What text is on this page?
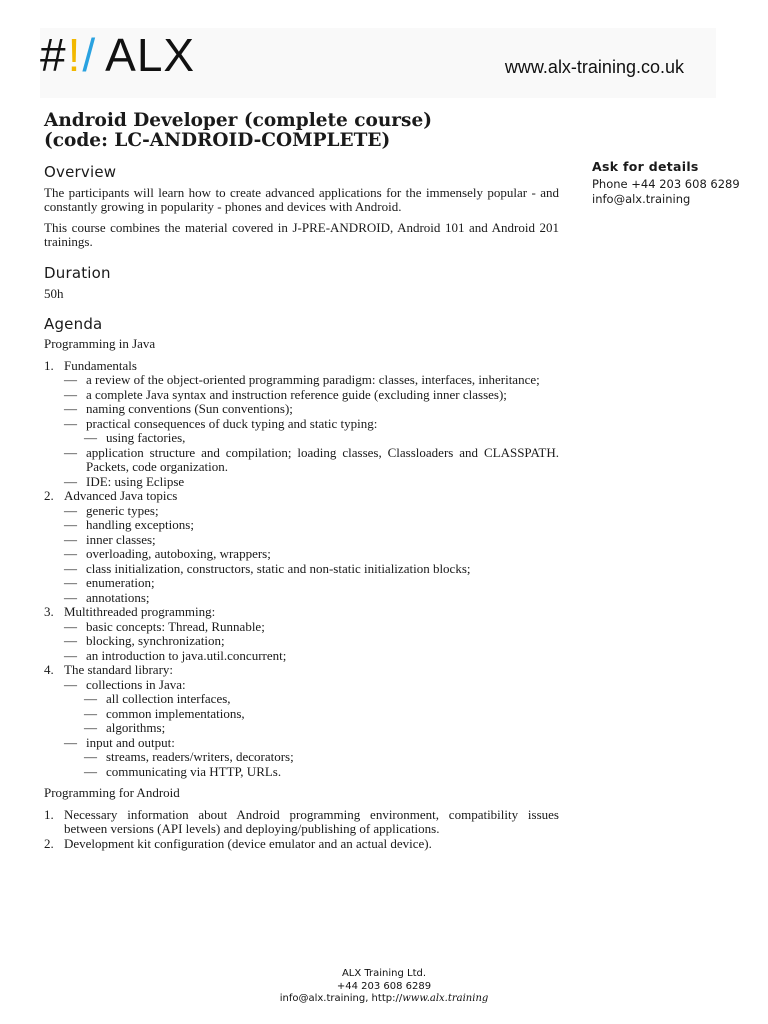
#!/ ALX	www.alx-training.co.uk
Android Developer (complete course)
(code: LC-ANDROID-COMPLETE)
Ask for details
Phone +44 203 608 6289
info@alx.training
Overview

The participants will learn how to create advanced applications for the immensely popular - and constantly growing in popularity - phones and devices with Android.

This course combines the material covered in J-PRE-ANDROID, Android 101 and Android 201 trainings.

Duration

50h

Agenda

Programming in Java

1. Fundamentals
— a review of the object-oriented programming paradigm: classes, interfaces, inheritance;
— a complete Java syntax and instruction reference guide (excluding inner classes);
— naming conventions (Sun conventions);
— practical consequences of duck typing and static typing:
— using factories,
— application structure and compilation; loading classes, Classloaders and CLASSPATH. Packets, code organization.
— IDE: using Eclipse
2. Advanced Java topics
— generic types;
— handling exceptions;
— inner classes;
— overloading, autoboxing, wrappers;
— class initialization, constructors, static and non-static initialization blocks;
— enumeration;
— annotations;
3. Multithreaded programming:
— basic concepts: Thread, Runnable;
— blocking, synchronization;
— an introduction to java.util.concurrent;
4. The standard library:
— collections in Java:
— all collection interfaces,
— common implementations,
— algorithms;
— input and output:
— streams, readers/writers, decorators;
— communicating via HTTP, URLs.

Programming for Android

1. Necessary information about Android programming environment, compatibility issues between versions (API levels) and deploying/publishing of applications.
2. Development kit configuration (device emulator and an actual device).
ALX Training Ltd.
+44 203 608 6289
info@alx.training, http://www.alx.training
